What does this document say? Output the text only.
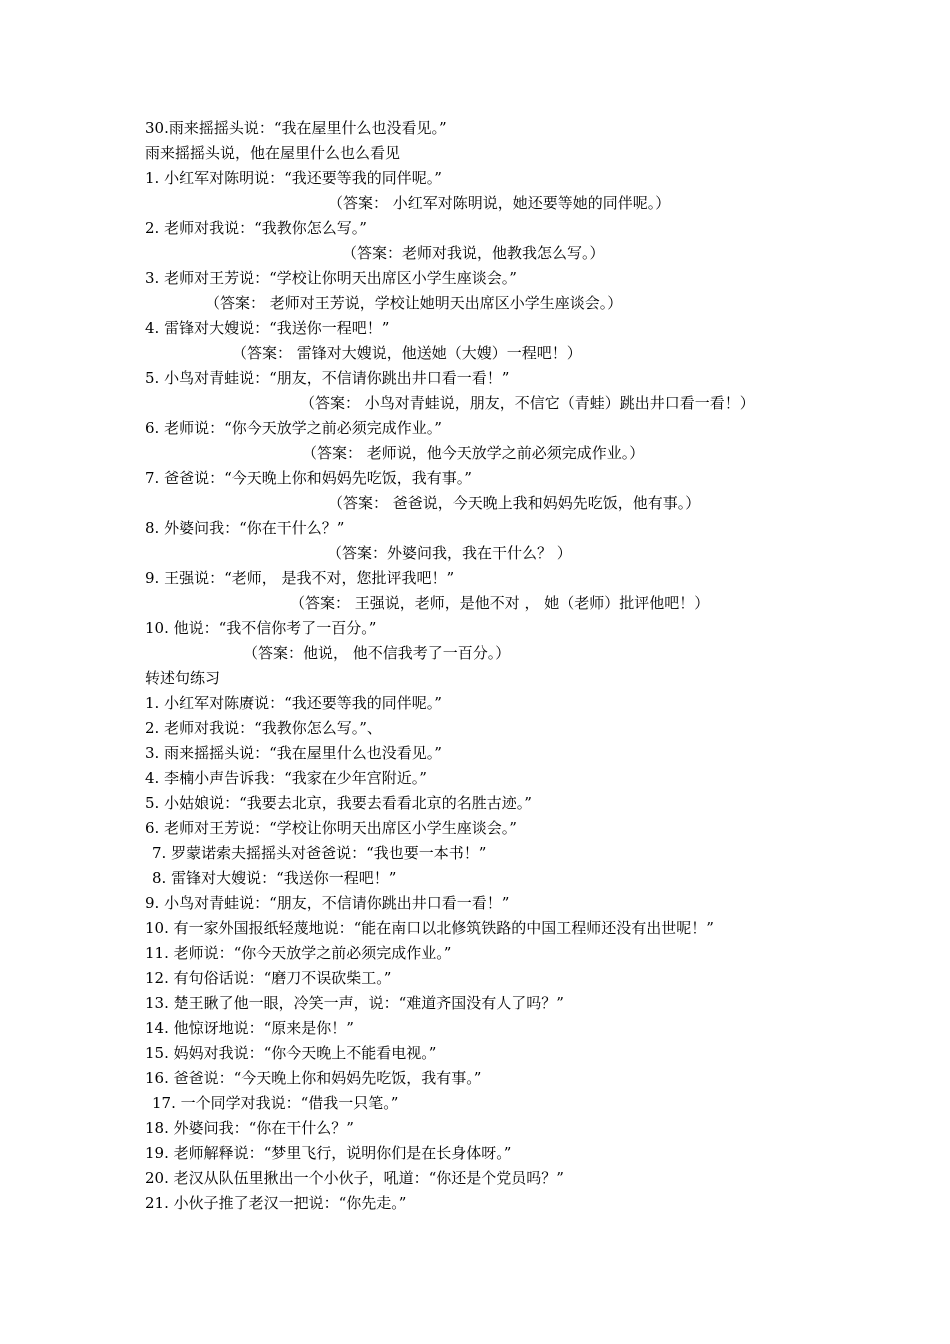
30.雨来摇摇头说：“我在屋里什么也没看见。”
雨来摇摇头说，他在屋里什么也么看见
1. 小红军对陈明说：“我还要等我的同伴呢。”
（答案： 小红军对陈明说，她还要等她的同伴呢。）
2. 老师对我说：“我教你怎么写。”
（答案：老师对我说，他教我怎么写。）
3. 老师对王芳说：“学校让你明天出席区小学生座谈会。”
（答案： 老师对王芳说，学校让她明天出席区小学生座谈会。）
4. 雷锋对大嫂说：“我送你一程吧！”
（答案： 雷锋对大嫂说，他送她（大嫂）一程吧！）
5. 小鸟对青蛙说：“朋友，不信请你跳出井口看一看！”
（答案： 小鸟对青蛙说，朋友，不信它（青蛙）跳出井口看一看！）
6. 老师说：“你今天放学之前必须完成作业。”
（答案： 老师说，他今天放学之前必须完成作业。）
7. 爸爸说：“今天晚上你和妈妈先吃饭，我有事。”
（答案： 爸爸说，今天晚上我和妈妈先吃饭，他有事。）
8. 外婆问我：“你在干什么？”
（答案：外婆问我，我在干什么？ ）
9. 王强说：“老师， 是我不对，您批评我吧！”
（答案： 王强说，老师，是他不对 ， 她（老师）批评他吧！）
10. 他说：“我不信你考了一百分。”
（答案：他说， 他不信我考了一百分。）
转述句练习
1. 小红军对陈赓说：“我还要等我的同伴呢。”
2. 老师对我说：“我教你怎么写。”、
3. 雨来摇摇头说：“我在屋里什么也没看见。”
4. 李楠小声告诉我：“我家在少年宫附近。”
5. 小姑娘说：“我要去北京，我要去看看北京的名胜古迹。”
6. 老师对王芳说：“学校让你明天出席区小学生座谈会。”
7. 罗蒙诺索夫摇摇头对爸爸说：“我也要一本书！”
8. 雷锋对大嫂说：“我送你一程吧！”
9. 小鸟对青蛙说：“朋友，不信请你跳出井口看一看！”
10. 有一家外国报纸轻蔑地说：“能在南口以北修筑铁路的中国工程师还没有出世呢！”
11. 老师说：“你今天放学之前必须完成作业。”
12. 有句俗话说：“磨刀不误砍柴工。”
13. 楚王瞅了他一眼，冷笑一声，说：“难道齐国没有人了吗？”
14. 他惊讶地说：“原来是你！”
15. 妈妈对我说：“你今天晚上不能看电视。”
16. 爸爸说：“今天晚上你和妈妈先吃饭，我有事。”
17. 一个同学对我说：“借我一只笔。”
18. 外婆问我：“你在干什么？”
19. 老师解释说：“梦里飞行，说明你们是在长身体呀。”
20. 老汉从队伍里揪出一个小伙子，吼道：“你还是个党员吗？”
21. 小伙子推了老汉一把说：“你先走。”
